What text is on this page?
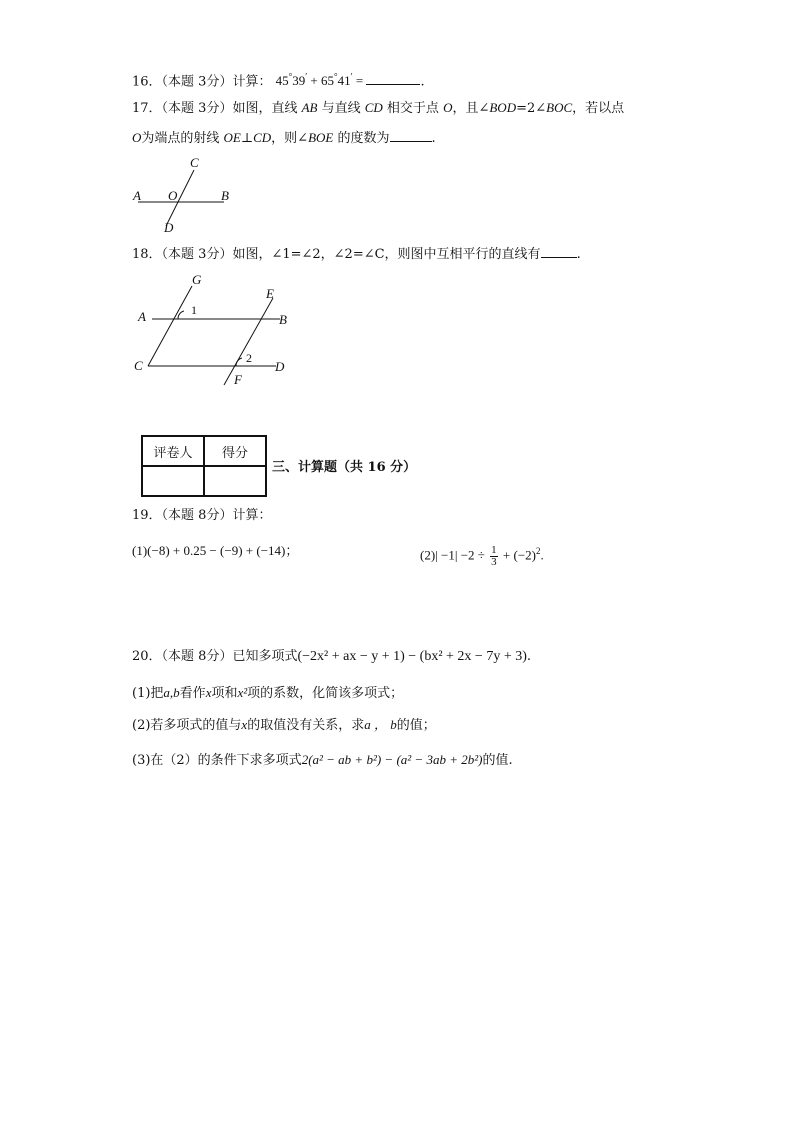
16．（本题 3分）计算： 45°39′ + 65°41′ =	.
17．（本题 3分）如图，直线 AB 与直线 CD 相交于点 O，且∠BOD=2∠BOC，若以点
O为端点的射线 OE⊥CD，则∠BOE 的度数为	.
C
A O	B
D
18．（本题 3分）如图，∠1=∠2，∠2=∠C，则图中互相平行的直线有	.
G
E
A	1
B
2
C	D
F
评卷人	得分

三、计算题（共 16 分）
19．（本题 8分）计算：
(1)(−8) + 0.25 − (−9) + (−14)；	$(2)| -1| -2 \div \frac{1}{3} + (-2)^2$.
20．（本题 8分）已知多项式(−2x² + ax − y + 1) − (bx² + 2x − 7y + 3).
(1)把a,b看作x项和x²项的系数，化简该多项式；
(2)若多项式的值与x的取值没有关系，求a ， b的值；
(3)在（2）的条件下求多项式2(a² − ab + b²) − (a² − 3ab + 2b²)的值.
